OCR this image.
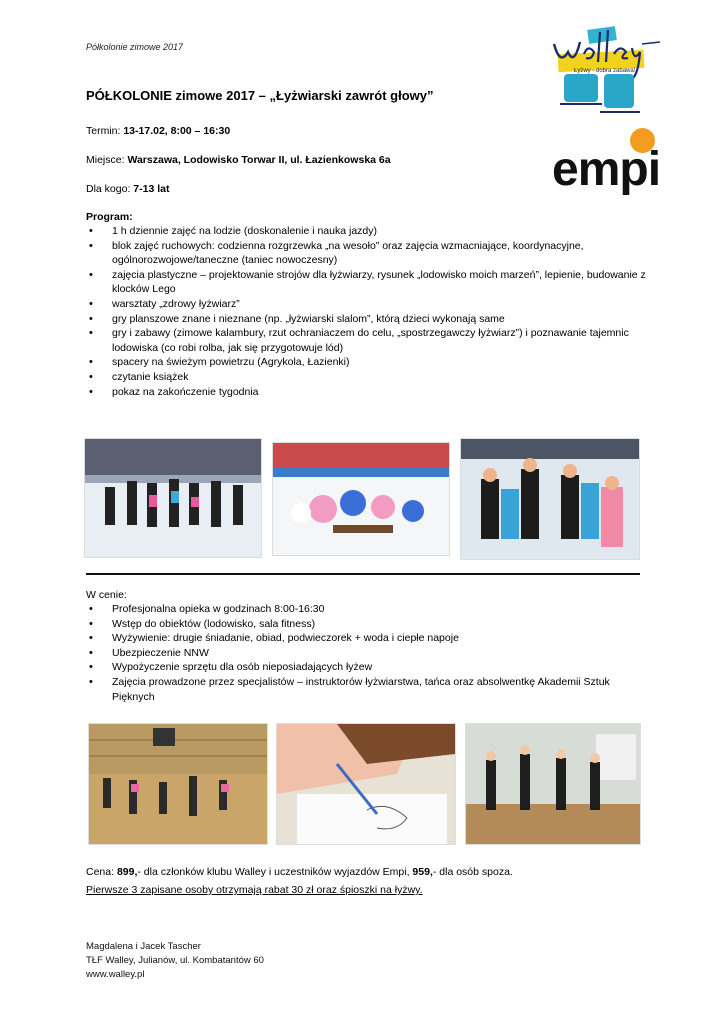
Półkolonie zimowe 2017
Łyżwy - dobra zabawa!
empi
PÓŁKOLONIE zimowe 2017 – „Łyżwiarski zawrót głowy”
Termin: 13-17.02, 8:00 – 16:30
Miejsce: Warszawa, Lodowisko Torwar II, ul. Łazienkowska 6a
Dla kogo: 7-13 lat
Program:
• 1 h dziennie zajęć na lodzie (doskonalenie i nauka jazdy)
• blok zajęć ruchowych: codzienna rozgrzewka „na wesoło” oraz zajęcia wzmacniające, koordynacyjne, ogólnorozwojowe/taneczne (taniec nowoczesny)
• zajęcia plastyczne – projektowanie strojów dla łyżwiarzy, rysunek „lodowisko moich marzeń”, lepienie, budowanie z klocków Lego
• warsztaty „zdrowy łyżwiarz”
• gry planszowe znane i nieznane (np. „łyżwiarski slalom”, którą dzieci wykonają same
• gry i zabawy (zimowe kalambury, rzut ochraniaczem do celu, „spostrzegawczy łyżwiarz”) i poznawanie tajemnic lodowiska (co robi rolba, jak się przygotowuje lód)
• spacery na świeżym powietrzu (Agrykola, Łazienki)
• czytanie książek
• pokaz na zakończenie tygodnia
W cenie:
• Profesjonalna opieka w godzinach 8:00-16:30
• Wstęp do obiektów (lodowisko, sala fitness)
• Wyżywienie: drugie śniadanie, obiad, podwieczorek + woda i ciepłe napoje
• Ubezpieczenie NNW
• Wypożyczenie sprzętu dla osób nieposiadających łyżew
• Zajęcia prowadzone przez specjalistów – instruktorów łyżwiarstwa, tańca oraz absolwentkę Akademii Sztuk Pięknych
Cena: 899,- dla członków klubu Walley i uczestników wyjazdów Empi, 959,- dla osób spoza.
Pierwsze 3 zapisane osoby otrzymają rabat 30 zł oraz śpioszki na łyżwy.
Magdalena i Jacek Tascher
TŁF Walley, Julianów, ul. Kombatantów 60
www.walley.pl
